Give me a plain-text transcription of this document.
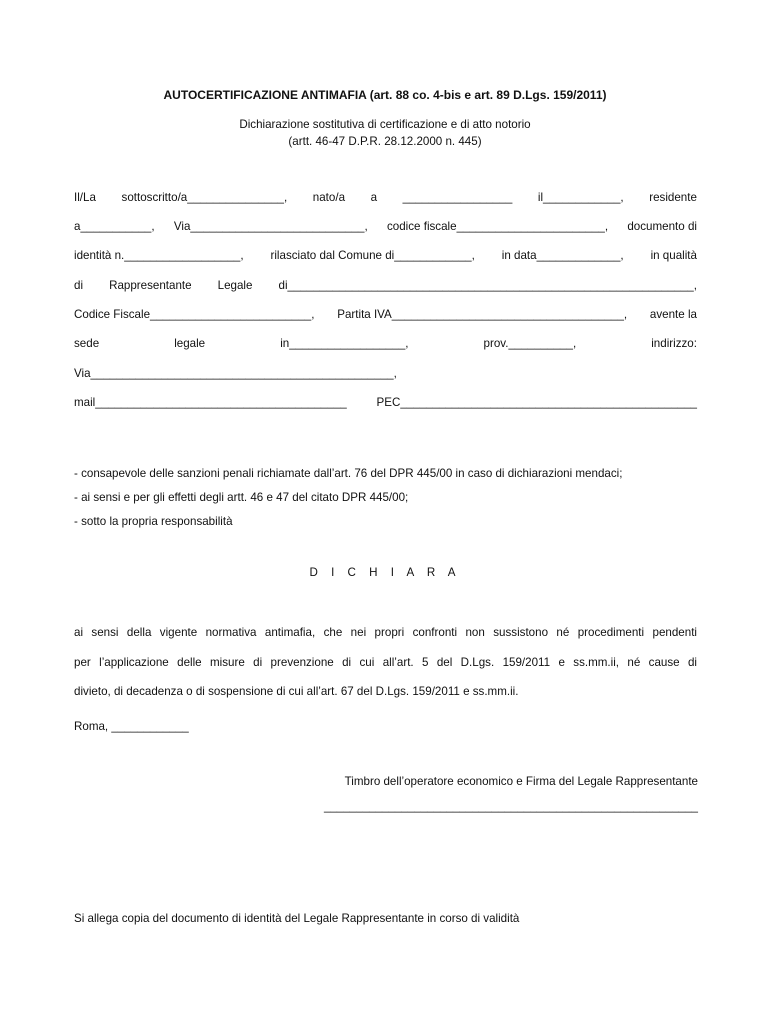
AUTOCERTIFICAZIONE ANTIMAFIA (art. 88 co. 4-bis e art. 89 D.Lgs. 159/2011)
Dichiarazione sostitutiva di certificazione e di atto notorio
(artt. 46-47 D.P.R. 28.12.2000 n. 445)
Il/La sottoscritto/a_______________, nato/a a _________________ il____________, residente
a___________, Via___________________________, codice fiscale_______________________, documento di
identità n.__________________, rilasciato dal Comune di____________, in data_____________, in qualità
di Rappresentante Legale di_______________________________________________________________,
Codice Fiscale_________________________, Partita IVA____________________________________, avente la
sede	legale	in__________________,	prov.__________,	indirizzo:
Via_______________________________________________,
mail_______________________________________	PEC______________________________________________
- consapevole delle sanzioni penali richiamate dall’art. 76 del DPR 445/00 in caso di dichiarazioni mendaci;
- ai sensi e per gli effetti degli artt. 46 e 47 del citato DPR 445/00;
- sotto la propria responsabilità
D I C H I A R A
ai sensi della vigente normativa antimafia, che nei propri confronti non sussistono né procedimenti pendenti
per l’applicazione delle misure di prevenzione di cui all’art. 5 del D.Lgs. 159/2011 e ss.mm.ii, né cause di
divieto, di decadenza o di sospensione di cui all’art. 67 del D.Lgs. 159/2011 e ss.mm.ii.
Roma, ____________
Timbro dell’operatore economico e Firma del Legale Rappresentante
__________________________________________________________
Si allega copia del documento di identità del Legale Rappresentante in corso di validità
